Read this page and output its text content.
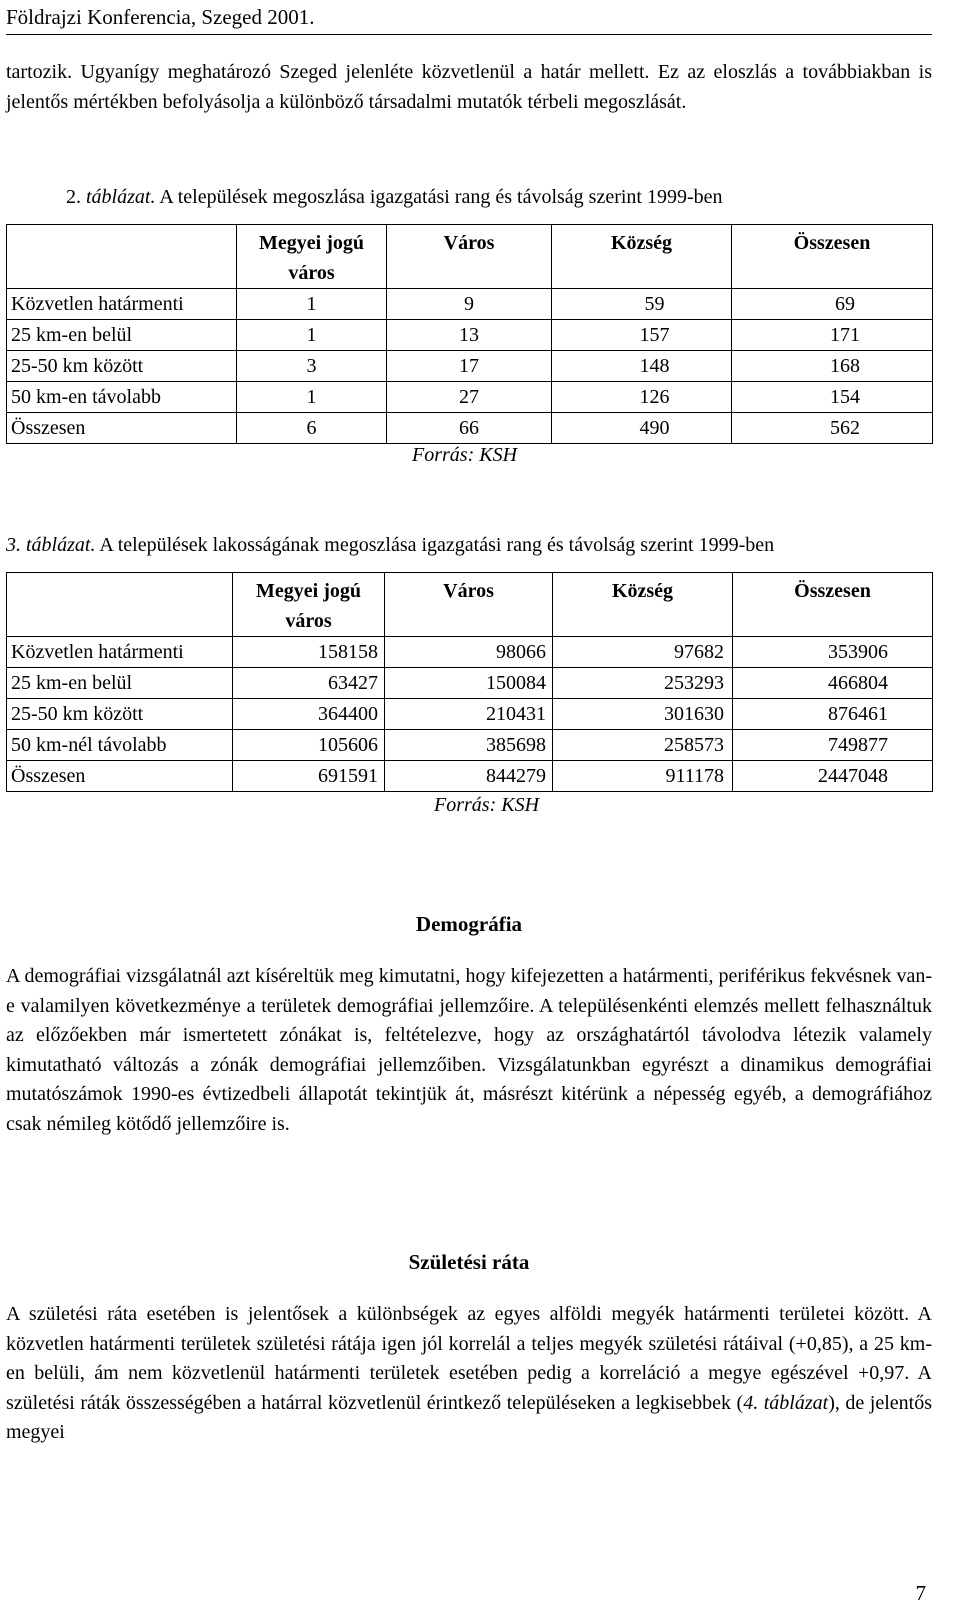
Földrajzi Konferencia, Szeged 2001.
tartozik. Ugyanígy meghatározó Szeged jelenléte közvetlenül a határ mellett. Ez az eloszlás a továbbiakban is jelentős mértékben befolyásolja a különböző társadalmi mutatók térbeli megoszlását.
2. táblázat. A települések megoszlása igazgatási rang és távolság szerint 1999-ben
	Megyei jogú város	Város	Község	Összesen
Közvetlen határmenti	1	9	59	69
25 km-en belül	1	13	157	171
25-50 km között	3	17	148	168
50 km-en távolabb	1	27	126	154
Összesen	6	66	490	562
Forrás: KSH
3. táblázat. A települések lakosságának megoszlása igazgatási rang és távolság szerint 1999-ben
	Megyei jogú város	Város	Község	Összesen
Közvetlen határmenti	158158	98066	97682	353906
25 km-en belül	63427	150084	253293	466804
25-50 km között	364400	210431	301630	876461
50 km-nél távolabb	105606	385698	258573	749877
Összesen	691591	844279	911178	2447048
Forrás: KSH
Demográfia
A demográfiai vizsgálatnál azt kíséreltük meg kimutatni, hogy kifejezetten a határmenti, periférikus fekvésnek van-e valamilyen következménye a területek demográfiai jellemzőire. A településenkénti elemzés mellett felhasználtuk az előzőekben már ismertetett zónákat is, feltételezve, hogy az országhatártól távolodva létezik valamely kimutatható változás a zónák demográfiai jellemzőiben. Vizsgálatunkban egyrészt a dinamikus demográfiai mutatószámok 1990-es évtizedbeli állapotát tekintjük át, másrészt kitérünk a népesség egyéb, a demográfiához csak némileg kötődő jellemzőire is.
Születési ráta
A születési ráta esetében is jelentősek a különbségek az egyes alföldi megyék határmenti területei között. A közvetlen határmenti területek születési rátája igen jól korrelál a teljes megyék születési rátáival (+0,85), a 25 km-en belüli, ám nem közvetlenül határmenti területek esetében pedig a korreláció a megye egészével +0,97. A születési ráták összességében a határral közvetlenül érintkező településeken a legkisebbek (4. táblázat), de jelentős megyei
7
